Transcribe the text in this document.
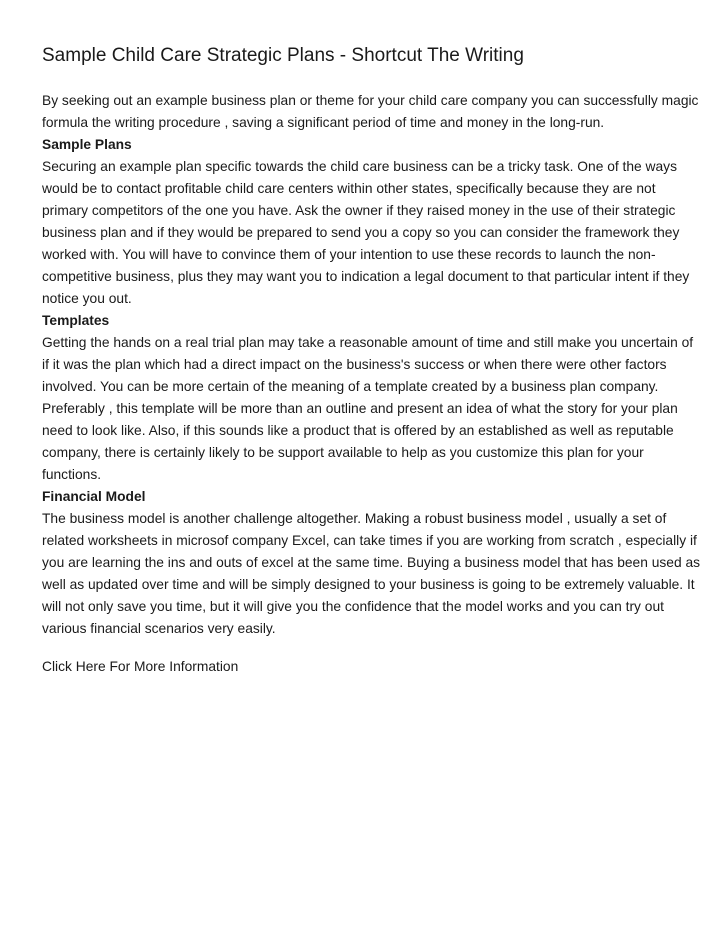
Sample Child Care Strategic Plans - Shortcut The Writing

By seeking out an example business plan or theme for your child care company you can successfully magic formula the writing procedure , saving a significant period of time and money in the long-run.

Sample Plans

Securing an example plan specific towards the child care business can be a tricky task. One of the ways would be to contact profitable child care centers within other states, specifically because they are not primary competitors of the one you have. Ask the owner if they raised money in the use of their strategic business plan and if they would be prepared to send you a copy so you can consider the framework they worked with. You will have to convince them of your intention to use these records to launch the non-competitive business, plus they may want you to indication a legal document to that particular intent if they notice you out.

Templates

Getting the hands on a real trial plan may take a reasonable amount of time and still make you uncertain of if it was the plan which had a direct impact on the business's success or when there were other factors involved. You can be more certain of the meaning of a template created by a business plan company. Preferably , this template will be more than an outline and present an idea of what the story for your plan need to look like. Also, if this sounds like a product that is offered by an established as well as reputable company, there is certainly likely to be support available to help as you customize this plan for your functions.

Financial Model

The business model is another challenge altogether. Making a robust business model , usually a set of related worksheets in microsof company Excel, can take times if you are working from scratch , especially if you are learning the ins and outs of excel at the same time. Buying a business model that has been used as well as updated over time and will be simply designed to your business is going to be extremely valuable. It will not only save you time, but it will give you the confidence that the model works and you can try out various financial scenarios very easily.

Click Here For More Information
